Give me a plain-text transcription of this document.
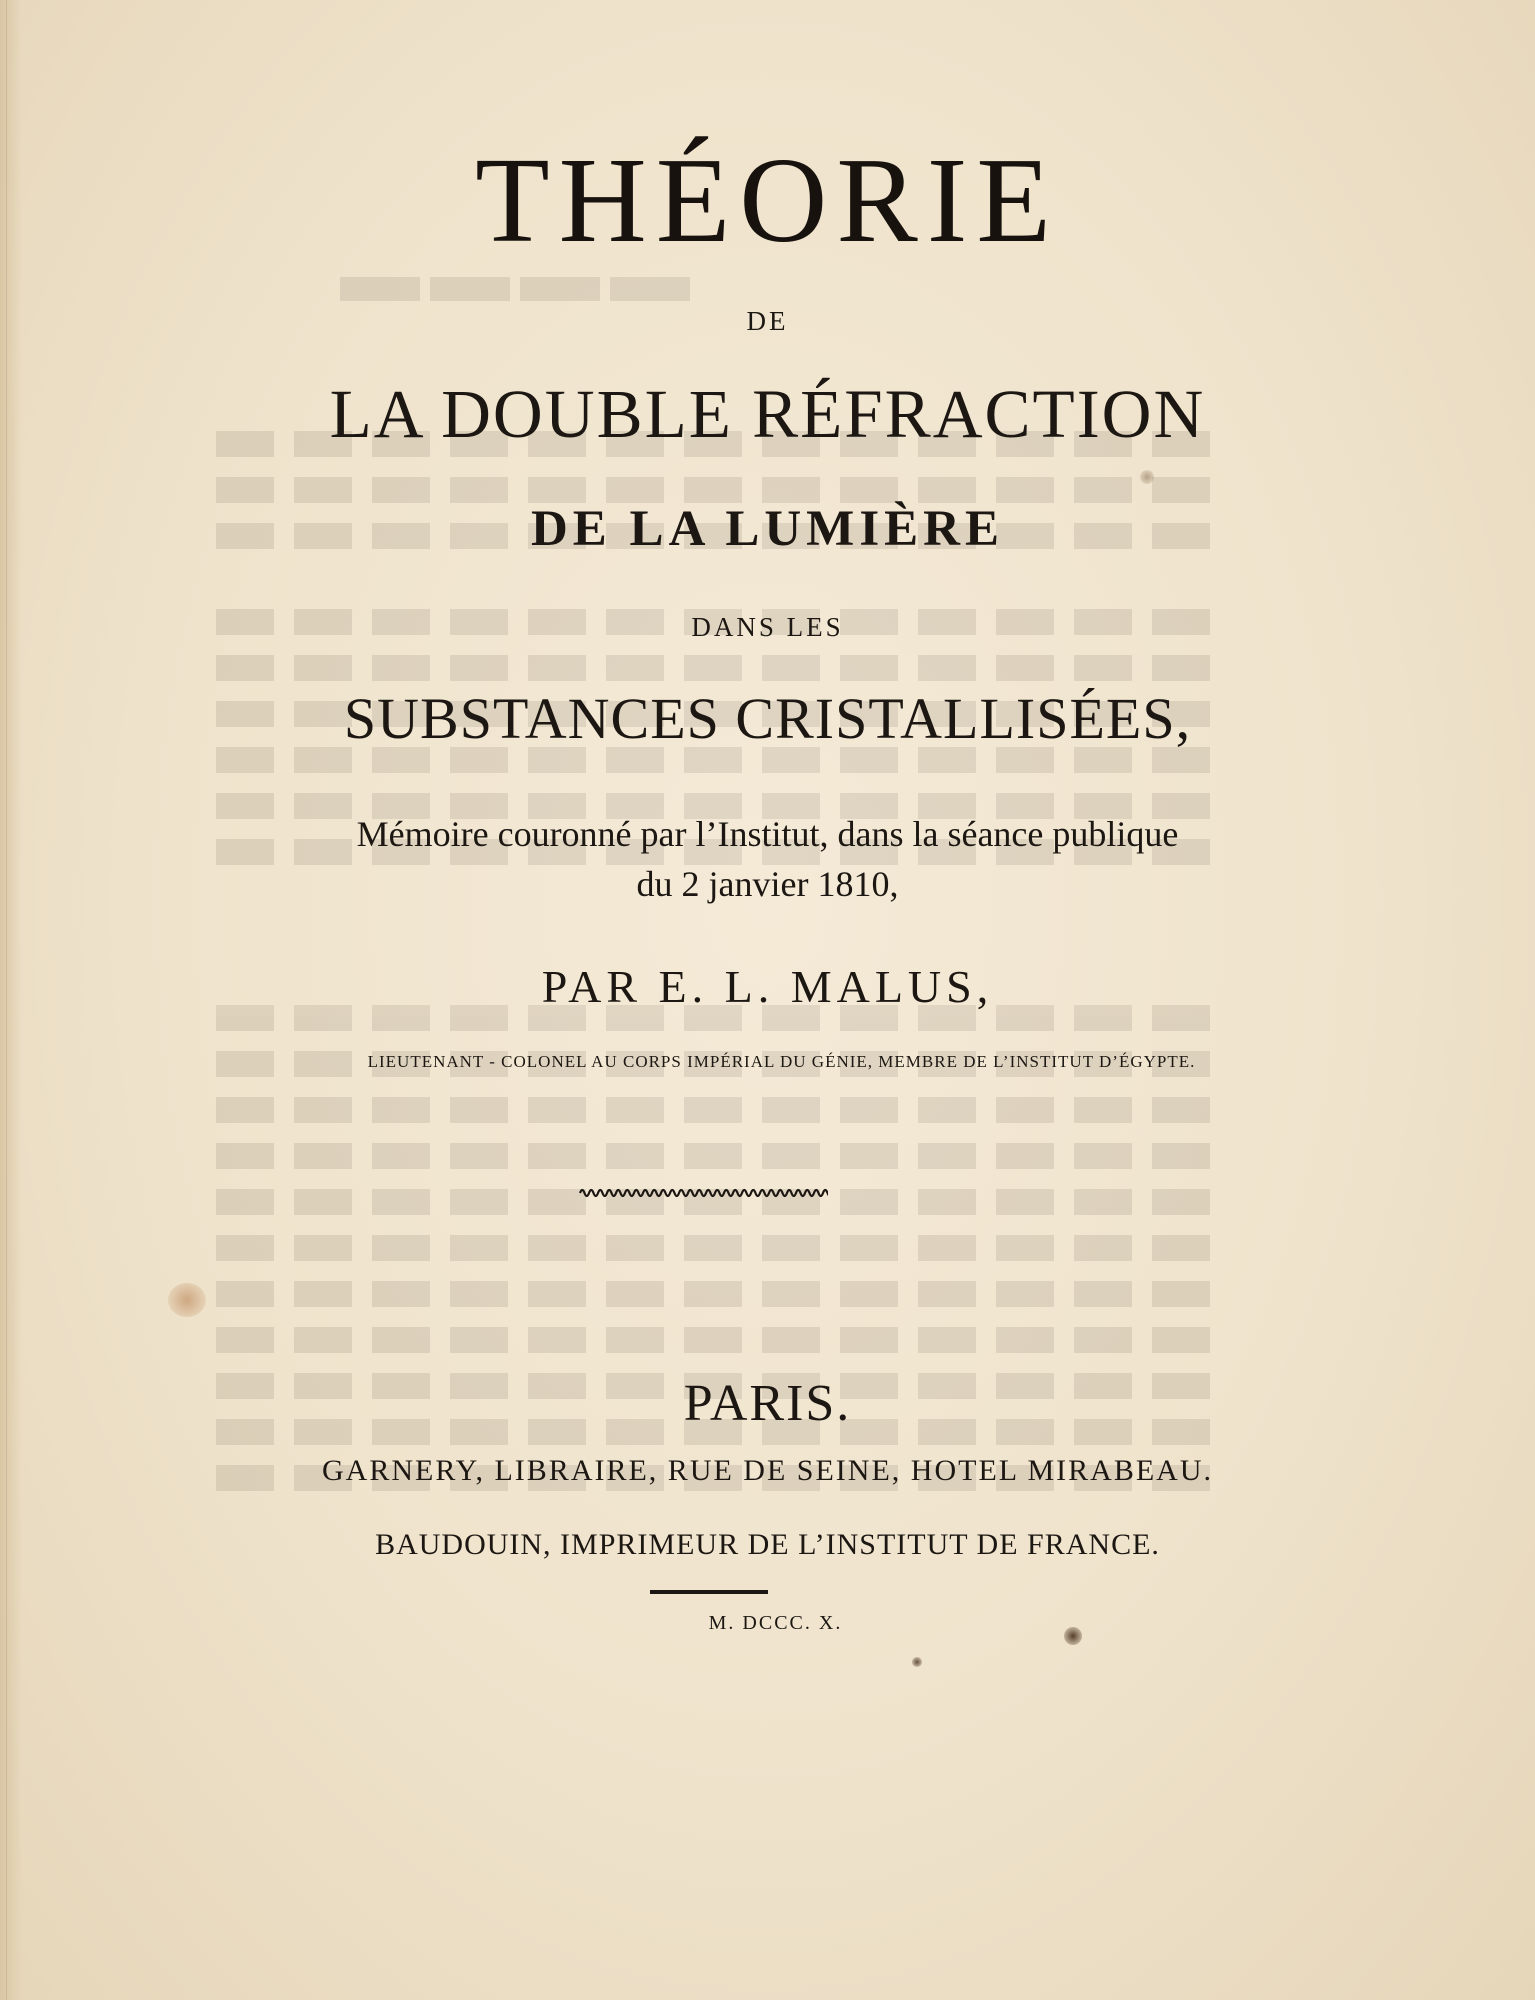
▬▬▬▬

THÉORIE

DE

LA DOUBLE RÉFRACTION

DE LA LUMIÈRE

DANS LES

SUBSTANCES CRISTALLISÉES,

Mémoire couronné par l’Institut, dans la séance publique

du 2 janvier 1810,

PAR E. L. MALUS,

LIEUTENANT - COLONEL AU CORPS IMPÉRIAL DU GÉNIE, MEMBRE DE L’INSTITUT D’ÉGYPTE.

PARIS.

GARNERY, LIBRAIRE, RUE DE SEINE, HOTEL MIRABEAU.

BAUDOUIN, IMPRIMEUR DE L’INSTITUT DE FRANCE.

M. DCCC. X.
